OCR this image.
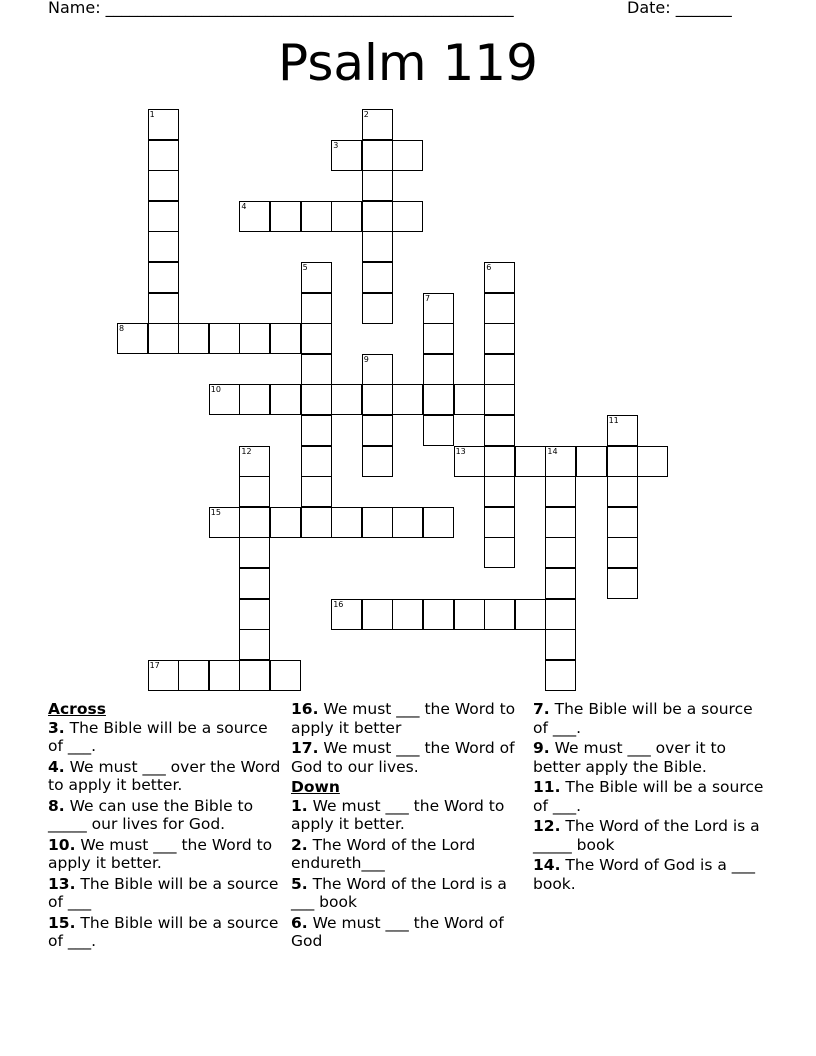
Name: ___________________________________________________	Date: _______
Psalm 119
1	2
3
4
5	6
7
8
9
10
11
12	13	14
15
16
17
Across
3. The Bible will be a source of ___.
4. We must ___ over the Word to apply it better.
8. We can use the Bible to _____ our lives for God.
10. We must ___ the Word to apply it better.
13. The Bible will be a source of ___
15. The Bible will be a source of ___.
16. We must ___ the Word to apply it better
17. We must ___ the Word of God to our lives.
Down
1. We must ___ the Word to apply it better.
2. The Word of the Lord endureth___
5. The Word of the Lord is a ___ book
6. We must ___ the Word of God
7. The Bible will be a source of ___.
9. We must ___ over it to better apply the Bible.
11. The Bible will be a source of ___.
12. The Word of the Lord is a _____ book
14. The Word of God is a ___ book.
